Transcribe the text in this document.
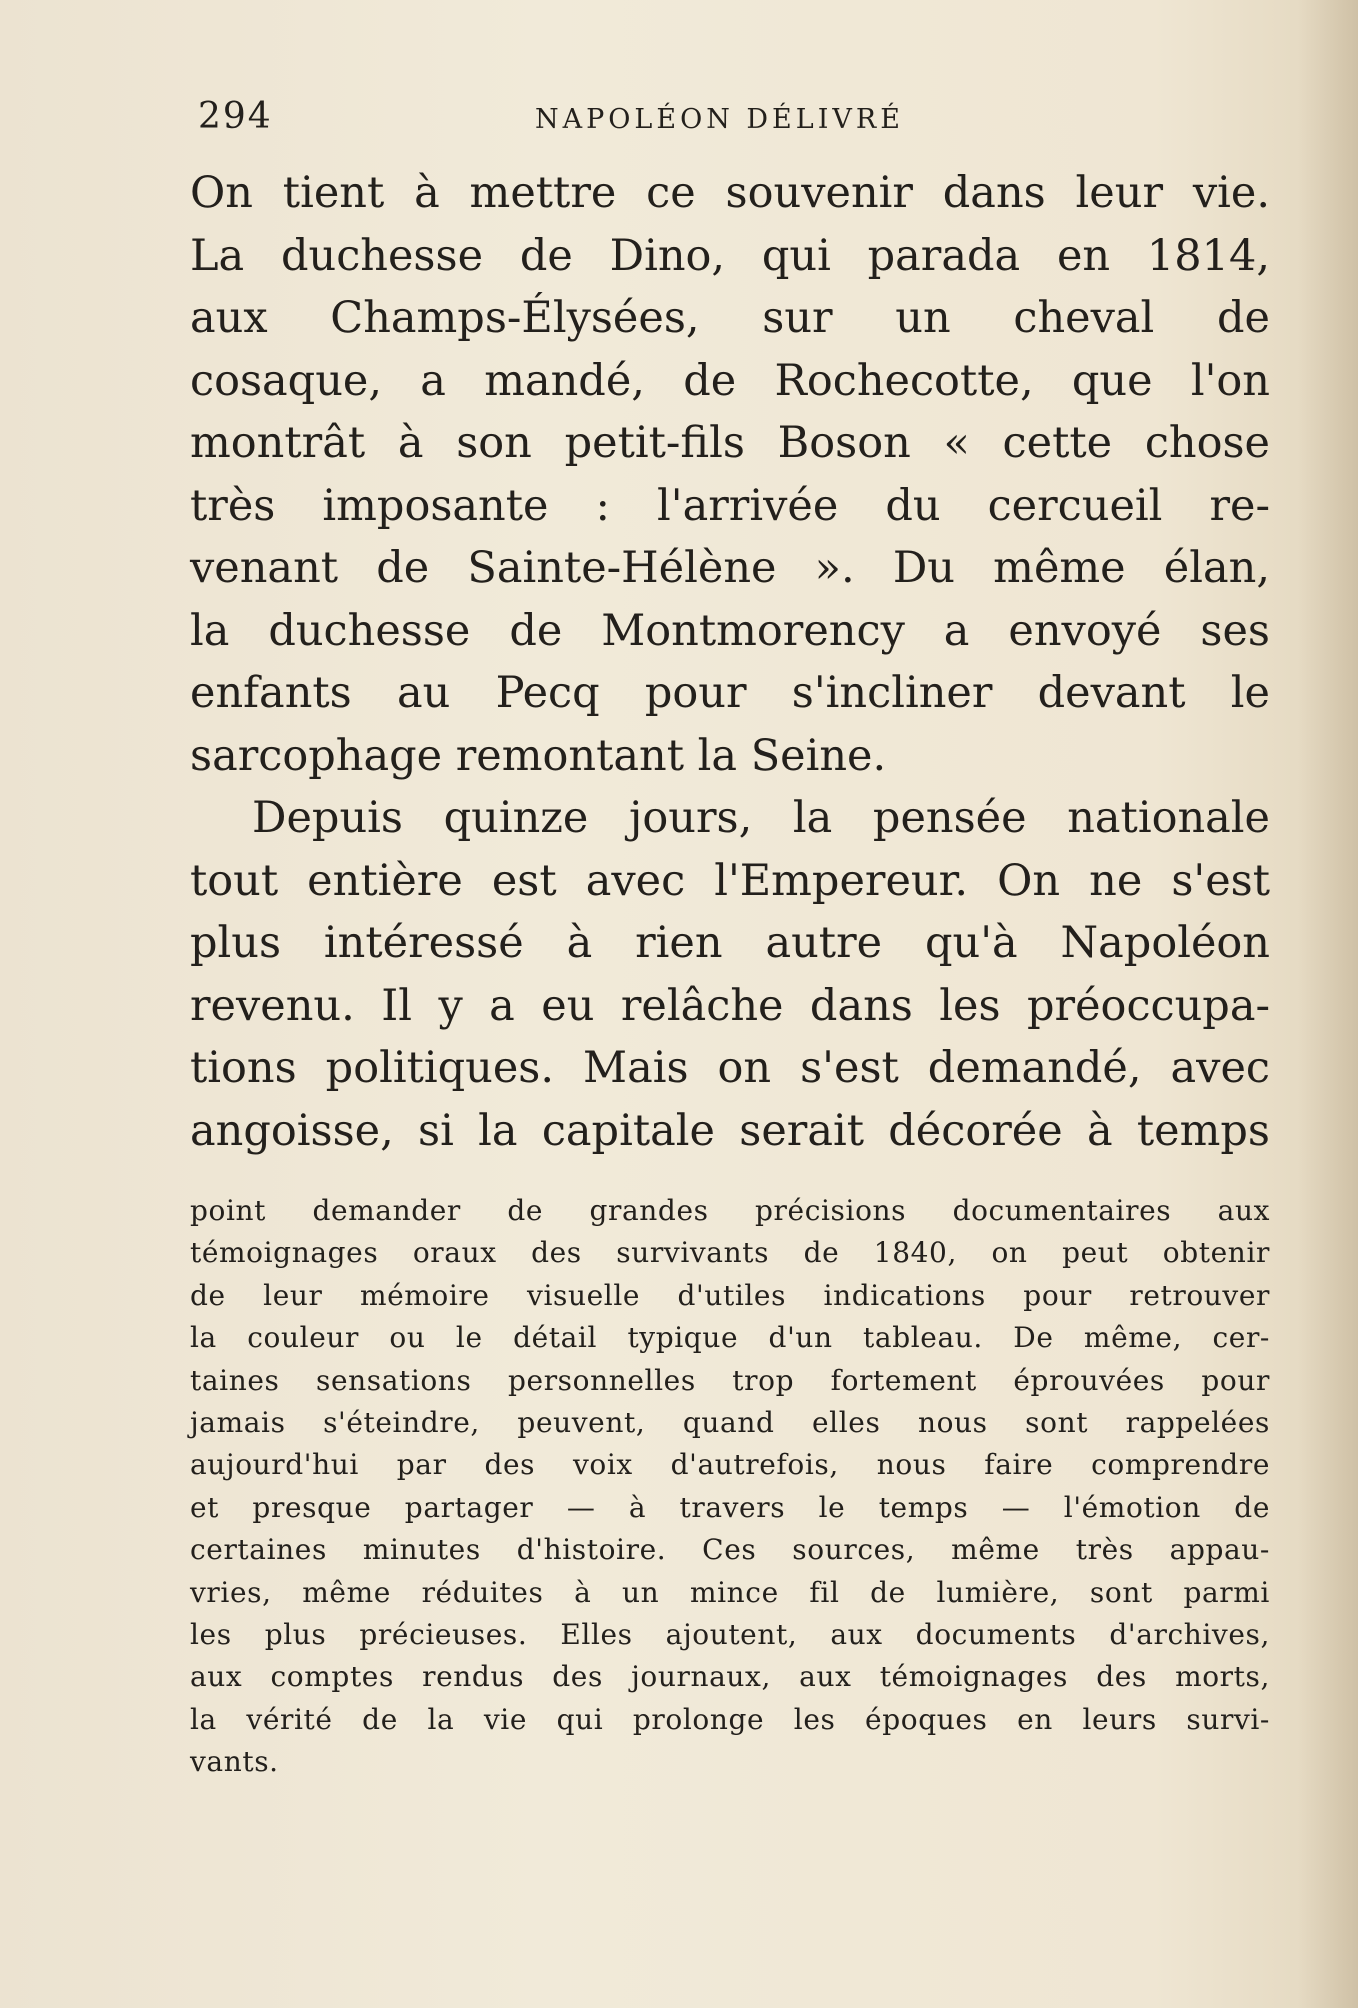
294	NAPOLÉON DÉLIVRÉ
On tient à mettre ce souvenir dans leur vie.
La duchesse de Dino, qui parada en 1814,
aux Champs-Élysées, sur un cheval de
cosaque, a mandé, de Rochecotte, que l'on
montrât à son petit-fils Boson « cette chose
très imposante : l'arrivée du cercueil re-
venant de Sainte-Hélène ». Du même élan,
la duchesse de Montmorency a envoyé ses
enfants au Pecq pour s'incliner devant le
sarcophage remontant la Seine.
Depuis quinze jours, la pensée nationale
tout entière est avec l'Empereur. On ne s'est
plus intéressé à rien autre qu'à Napoléon
revenu. Il y a eu relâche dans les préoccupa-
tions politiques. Mais on s'est demandé, avec
angoisse, si la capitale serait décorée à temps
point demander de grandes précisions documentaires aux
témoignages oraux des survivants de 1840, on peut obtenir
de leur mémoire visuelle d'utiles indications pour retrouver
la couleur ou le détail typique d'un tableau. De même, cer-
taines sensations personnelles trop fortement éprouvées pour
jamais s'éteindre, peuvent, quand elles nous sont rappelées
aujourd'hui par des voix d'autrefois, nous faire comprendre
et presque partager — à travers le temps — l'émotion de
certaines minutes d'histoire. Ces sources, même très appau-
vries, même réduites à un mince fil de lumière, sont parmi
les plus précieuses. Elles ajoutent, aux documents d'archives,
aux comptes rendus des journaux, aux témoignages des morts,
la vérité de la vie qui prolonge les époques en leurs survi-
vants.
